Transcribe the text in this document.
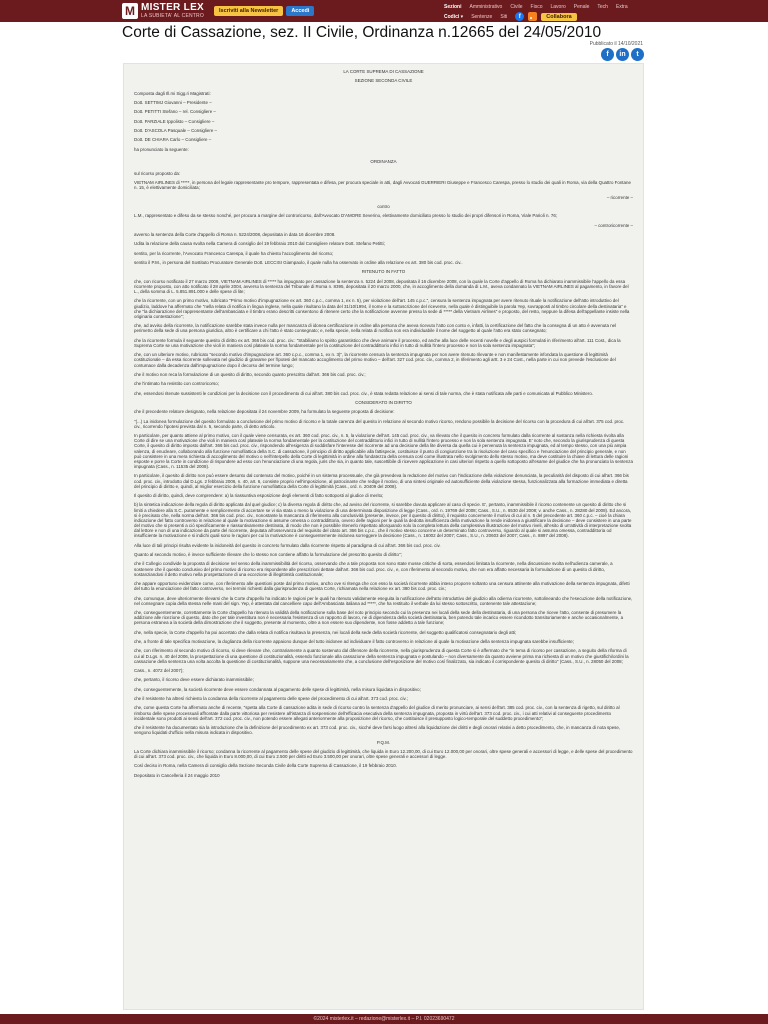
M MISTER LEX
LA SUBIETA' AL CENTRO
Iscriviti alla Newsletter	Accedi
Sezioni Amministrativo Civile Fisco Lavoro Penale Tech Extra
Codici ▾ Sentenze Siti	f	Collabora
Corte di Cassazione, sez. II Civile, Ordinanza n.12665 del 24/05/2010
Pubblicato il 14/10/2021
f	in	t

LA CORTE SUPREMA DI CASSAZIONE

SEZIONE SECONDA CIVILE

Composta dagli Ill.mi Sigg.ri Magistrati:

Dott. SETTIMJ Giovanni – Presidente –

Dott. PETITTI Stefano – rel. Consigliere –

Dott. PARZIALE Ippolisto – Consigliere –

Dott. D'ASCOLA Pasquale – Consigliere –

Dott. DE CHIARA Carlo – Consigliere –

ha pronunciato la seguente:

ORDINANZA

sul ricorso proposto da:

VIETNAM AIRLINES di *****, in persona del legale rappresentante pro tempore, rappresentata e difesa, per procura speciale in atti, dagli Avvocati GUERRIERI Giuseppe e Francesco Carespa, presso lo studio dei quali in Roma, via della Quattro Fontane n. 15, è elettivamente domiciliata;

– ricorrente –

contro

L.M., rappresentato e difeso da se stesso nonché, per procura a margine del controricorso, dall'Avvocato D'AMORE Severino, elettivamente domiciliato presso lo studio dei propri difensori in Roma, Viale Parioli n. 76;

– controricorrente –

avverso la sentenza della Corte d'appello di Roma n. 5224/2008, depositata in data 16 dicembre 2008.

Udita la relazione della causa svolta nella Camera di consiglio del 19 febbraio 2010 dal Consigliere relatore Dott. Stefano Petitti;

sentito, per la ricorrente, l'Avvocato Francesco Carespa, il quale ha chiesto l'accoglimento del ricorso;

sentito il P.M., in persona del Sostituto Procuratore Generale Dott. LECCISI Giampaolo, il quale nulla ha osservato in ordine alla relazione ex art. 380 bis cod. proc. civ..

RITENUTO IN FATTO

che, con ricorso notificato il 27 marzo 2009, VIETNAM AIRLINES di ***** ha impugnato per cassazione la sentenza n. 5224 del 2008, depositata il 16 dicembre 2008, con la quale la Corte d'appello di Roma ha dichiarato inammissibile l'appello da essa ricorrente proposto, con atto notificato il 28 aprile 2004, avverso la sentenza del Tribunale di Roma n. 8395, depositata il 20 marzo 2000, che, in accoglimento della domanda di L.M., aveva condannato la VIETNAM AIRLINES al pagamento, in favore del L., della somma di L. 5.851.891.000 e delle spese di lite;

che la ricorrente, con un primo motivo, rubricato "Primo motivo d'impugnazione ex art. 360 c.p.c., comma 1, ex n. 5), per violazione dell'art. 145 c.p.c.", censura la sentenza impugnata per avere ritenuto rituale la notificazione dell'atto introduttivo del giudizio, laddove ha affermato che "nella relata di notifica in lingua inglese, nella quale risultano la data del 31/10/1994, il nome e la sottoscrizione del ricevente, nella quale è distinguibile la parola Yep, sovrapposti al timbro circolare della destinataria" e che "la dichiarazione del rappresentante dell'ambasciata e il timbro erano descritti consentono di ritenere certo che la notificazione avvenne presso la sede di ***** della Vietnam Airlines" e proposto, del resto, neppure la difesa dell'appellante insiste nella originaria contestazione";

che, ad avviso della ricorrente, la notificazione sarebbe stata invece nulla per mancanza di idonea certificazione in ordine alla persona che aveva ricevuto l'atto con conto e, infatti, la certificazione del fatto che la consegna di un atto è avvenuta nel perimetro della sede di una persona giuridica, altro è certificare a chi l'atto è stato consegnato; e, nella specie, nella relata di notifica non era individuabile il nome del soggetto al quale l'atto era stato consegnato;

che la ricorrente formula il seguente quesito di diritto ex art. 366 bis cod. proc. civ.: "Stabiliamo lo spirito garantistico che deve animare il processo, ed anche alla luce delle recenti novelle e degli auspici formulati in riferimento all'art. 111 Cost., dica la Suprema Corte se una motivazione che violi in maniera così plateale la norma fondamentale per la costituzione del contraddittorio infici in tutto di nullità l'intero processo e non la sola sentenza impugnata";

che, con un ulteriore motivo, rubricato "secondo motivo d'impugnazione art. 360 c.p.c., comma 1, ex n. 3)", la ricorrente censura la sentenza impugnata per non avere ritenuto rilevante e non manifestamente infondata la questione di legittimità costituzionale – da essa ricorrente sollevata nel giudizio di gravame per l'ipotesi del mancato accoglimento del primo motivo – dell'art. 327 cod. proc. civ., comma 2, in riferimento agli artt. 3 e 24 Cost., nella parte in cui non prevede l'esclusione del contumace dalla decadenza dall'impugnazione dopo il decorso del termine lungo;

che il motivo non reca la formulazione di un quesito di diritto, secondo quanto prescritto dall'art. 366 bis cod. proc. civ.;

che l'intimato ha resistito con controricorso;

che, essendosi ritenute sussistenti le condizioni per la decisione con il procedimento di cui all'art. 380 bis cod. proc. civ., è stata redatta relazione ai sensi di tale norma, che è stata notificata alle parti e comunicata al Pubblico Ministero.

CONSIDERATO IN DIRITTO

che il precedente relatore designato, nella relazione depositata il 24 novembre 2009, ha formulato la seguente proposta di decisione:

"(...) La inidonea formulazione del quesito formulato a conclusione del primo motivo di ricorso e la totale carenza del quesito in relazione al secondo motivo ricorso, rendono possibile la decisione del ricorso con la procedura di cui all'art. 375 cod. proc. civ., ricorrendo l'ipotesi prevista dal n. 5, secondo parte, di detto articolo.

In particolare, per quanto attiene al primo motivo, con il quale viene censurata, ex art. 360 cod. proc. civ., n. 5, la violazione dell'art. 145 cod. proc. civ., va rilevato che il quesito in concreto formulato dalla ricorrente al sostanza nella richiesta rivolta alla Corte di dire se una motivazione che violi in maniera così plateale la norma fondamentale per la costituzione del contraddittorio infici in tutto di nullità l'intero processo e non la sola sentenza impugnata. E' noto che, secondo la giurisprudenza di questa Corte, il quesito di diritto imposto dall'art. 366 bis cod. proc. civ., rispondendo all'esigenza di soddisfare l'interesse del ricorrente ad una decisione della lite diversa da quella cui è pervenuta la sentenza impugnata, ed al tempo stesso, con una più ampia valenza, di enucleare, collaborando alla funzione nomofilattica della S.C. di cassazione, il principio di diritto applicabile alla fattispecie, costituisce il punto di congiunzione tra la risoluzione del caso specifico e l'enunciazione del principio generale, e non può consistere in una mera richiesta di accoglimento del motivo o nell'interpello della Corte di legittimità in ordine alla fondatezza della censura così come illustrata nello svolgimento dello stesso motivo, ma deve costituire la chiave di lettura delle ragioni esposte e porre la Corte in condizione di rispondere ad esso con l'enunciazione di una regola, juris che sia, in quanto tale, suscettibile di ricevere applicazione in casi ulteriori rispetto a quello sottoposto all'esame del giudice che ha pronunciato la sentenza impugnata (Cass., n. 11535 del 2008).

In particolare, il quesito di diritto non può essere desunto dal contenuto del motivo, poiché in un sistema processuale, che già prevedeva la redazione del motivo con l'indicazione della violazione denunciata, la peculiarità del disposto di cui all'art. 366 bis cod. proc. civ., introdotto dal D.Lgs. 2 febbraio 2006, n. 40, art. 6, consiste proprio nell'imposizione, al patrocinante che redige il motivo, di una sintesi originale ed autosufficiente della violazione stessa, funzionalizzata alla formazione immediata e diretta del principio di diritto e, quindi, al miglior esercizio della funzione nomofilattica della Corte di legittimità (Cass., ord. n. 20409 del 2008).

Il quesito di diritto, quindi, deve comprendere: a) la riassuntiva esposizione degli elementi di fatto sottoposti al giudice di merito;

b) la sintetica indicazione della regola di diritto applicata dal quel giudice; c) la diversa regola di diritto che, ad avviso del ricorrente, si sarebbe dovuta applicare al caso di specie. E', pertanto, inammissibile il ricorso contenente un quesito di diritto che si limiti a chiedere alla S.C. puramente e semplicemente di accertare se vi sia stata o meno la violazione di una determinata disposizione di legge (Cass., ord. n. 19769 del 2008; Cass., S.U., n. 6530 del 2008; v. anche Cass., n. 28280 del 2008). Ed ancora, si è precisato che, nella norma dell'art. 366 bis cod. proc. civ., nonostante la mancanza di riferimento alla conclusività (presente, invece, per il quesito di diritto), il requisito concernente il motivo di cui al n. 5 del precedente art. 360 c.p.c. – cioè la chiara indicazione del fatto controverso in relazione al quale la motivazione si assume omessa o contraddittoria, ovvero delle ragioni per le quali la dedotta insufficienza della motivazione la rende inidonea a giustificare la decisione – deve consistere in una parte del motivo che si presenti a ciò specificamente e riassuntivamente destinata, di modo che non è possibile ritenerlo rispettato allorquando solo la completa lettura della complessiva illustrazione del motivo riveli, all'esito di un'attività di interpretazione svolta dal lettore e non di una indicazione da parte del ricorrente, deputata all'osservanza del requisito del citato art. 366 bis c.p.c., che il motivo stesso concerne un determinato fatto controverso, riguardo al quale si assuma omessa, contraddittoria od insufficiente la motivazione e si indichi quali sono le ragioni per cui la motivazione è conseguentemente inidonea sorreggere la decisione (Cass., n. 16002 del 2007; Cass., S.U., n. 20603 del 2007; Cass., n. 8897 del 2008).

Alla luce di tali principi risulta evidente la inidoneità del quesito in concreto formulato dalla ricorrente rispetto al paradigma di cui all'art. 366 bis cod. proc. civ.

Quanto al secondo motivo, è invece sufficiente rilevare che lo stesso non contiene affatto la formulazione del prescritto quesito di diritto";

che il Collegio condivide la proposta di decisione nel senso della inammissibilità del ricorso, osservando che a tale proposta non sono state mosse critiche di sorta, essendosi limitata la ricorrente, nella discussione svolta nell'udienza camerale, a sostenere che il quesito conclusivo del primo motivo di ricorso era rispondente alle prescrizioni dettate dall'art. 366 bis cod. proc. civ., e, con riferimento al secondo motivo, che non era affatto necessaria la formulazione di un quesito di diritto, sostanziandosi il detto motivo nella prospettazione di una eccezione di illegittimità costituzionale;

che appare opportuno evidenziare come, con riferimento alle questioni poste dal primo motivo, ancho ove si ritenga che con esso la società ricorrente abbia inteso proporre soltanto una censura attinente alla motivazione della sentenza impugnata, difetti del tutto la enunciazione del fatto controverso, nei termini richiesti dalla giurisprudenza di questa Corte, richiamata nella relazione ex art. 380 bis cod. proc. civ.;

che, comunque, deve ulteriormente rilevarsi che la Corte d'appello ha indicato le ragioni per le quali ha ritenuto validamente eseguita la notificazione dell'atto introduttivo del giudizio alla odierna ricorrente, sottolineando che l'esecuzione della notificazione, nel consegnare copia della stessa nelle mani del sign. Yep, è attestata dal cancelliere capo dell'Ambasciata italiana ad *****, che ha restituito il verbale da lui stesso sottoscritto, contenente tale attestazione;

che, conseguentemente, correttamente la Corte d'appello ha ritenuto la validità della notificazione sulla base del noto principio secondo cui la presenza nei locali della sede della destinataria, di una persona che riceve l'atto, consente di presumere la addizione alle ricezione di questo, dato che per tale investitura non è necessaria l'esistenza di un rapporto di lavoro, né di dipendenza della società destinataria, ben potendo tale incarico essere ricondotto transitoriamente e anche occasionalmente, a persona estranea a la società della dimostrazione che il soggetto, presente al momento, oltre a non essere suo dipendente, non fosse addetto a tale funzione;

che, nella specie, la Corte d'appello ha poi accertato che dalla relata di notifica risultava la presenza, nei locali della sede della società ricorrente, del soggetto qualificatosi consegnatario degli atti;

che, a fronte di tale specifica motivazione, la doglianza della ricorrente appaiono dunque del tutto inidonee ad individuare il fatto controverso in relazione al quale la motivazione della sentenza impugnata sarebbe insufficiente;

che, con riferimento al secondo motivo di ricorso, si deve rilevare che, contrariamente a quanto sostenuto dal difensore della ricorrente, nella giurisprudenza di questa Corte si è affermato che "in tema di ricorso per cassazione, a seguito della riforma di cui al D.Lgs. n. 40 del 2006, la prospettazione di una questione di costituzionalità, essendo funzionale alla cassazione della sentenza impugnata e postulando – non diversamente da quanto avviene prima ma richiesta di un motivo che giustifichi/ordini la cassazione della sentenza una volta accolta la questione di costituzionalità, suppone una necessariamente che, a conclusione dell'esposizione del motivo così finalizzato, sia indicato il corrispondente quesito di diritto" (Cass., S.U., n. 28050 del 2008;

Cass., n. 4072 del 2007);

che, pertanto, il ricorso deve essere dichiarato inammissibile;

che, conseguentemente, la società ricorrente deve essere condannata al pagamento delle spese di legittimità, nella misura liquidata in dispositivo;

che il resistente ha altresì richiesto la condanna della ricorrente al pagamento delle spese del procedimento di cui all'art. 373 cod. proc. civ.;

che, come questa Corte ha affermato anche di recente, "spetta alla Corte di cassazione adita in sede di ricorso contro la sentenza d'appello del giudice di merito pronunciare, ai sensi dell'art. 385 cod. proc. civ., con la sentenza di rigetto, sul diritto al rimborso delle spese processuali affrontate dalla parte vittoriosa per resistere all'istanza di sospensione dell'efficacia esecutiva della sentenza impugnata, proposta in virtù dell'art. 373 cod. proc. civ., i cui atti relativi al conseguente procedimento incidentale sono prodotti ai sensi dell'art. 372 cod. proc. civ., non potendo essere allegati anteriormente alla proposizione del ricorso, che costituisce il presupposto logico-temporale del suddetto procedimento";

che il resistente ha documentato sia la introduzione che la definizione del procedimento ex art. 373 cod. proc. civ., sicché deve farsi luogo altresì alla liquidazione dei diritti e degli onorari relativi a detto procedimento, che, in mancanza di nota spese, vengono liquidati d'ufficio nella misura indicata in dispositivo.

P.Q.M.

La Corte dichiara inammissibile il ricorso; condanna la ricorrente al pagamento delle spese del giudizio di legittimità, che liquida in Euro 12.200,00, di cui Euro 12.000,00 per onorari, oltre spese generali e accessori di legge, e delle spese del procedimento di cui all'art. 373 cod. proc. civ., che liquida in Euro 8.000,00, di cui Euro 2.500 per diritti ed Euro 3.500,00 per onorari, oltre spese generali e accessori di legge.

Così deciso in Roma, nella Camera di consiglio della Sezione Seconda Civile della Corte Suprema di Cassazione, il 19 febbraio 2010.

Depositato in Cancelleria il 24 maggio 2010

©2024 misterlex.it – redazione@misterlex.it – P.I. 02023690472
